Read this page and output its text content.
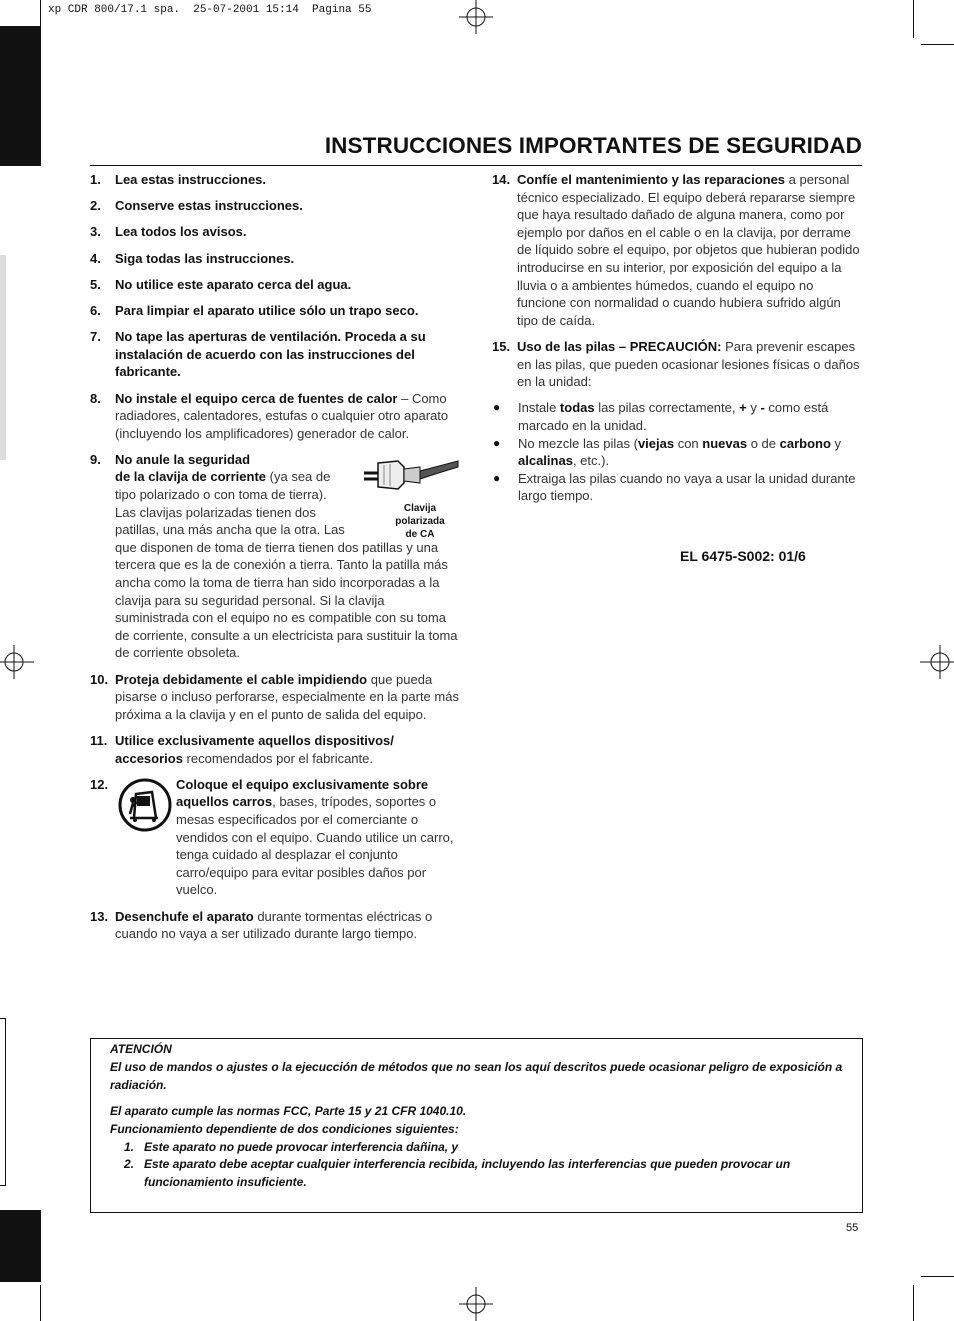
xp CDR 800/17.1 spa.  25-07-2001 15:14  Pagina 55
INSTRUCCIONES IMPORTANTES DE SEGURIDAD
1. Lea estas instrucciones.
2. Conserve estas instrucciones.
3. Lea todos los avisos.
4. Siga todas las instrucciones.
5. No utilice este aparato cerca del agua.
6. Para limpiar el aparato utilice sólo un trapo seco.
7. No tape las aperturas de ventilación. Proceda a su instalación de acuerdo con las instrucciones del fabricante.
8. No instale el equipo cerca de fuentes de calor – Como radiadores, calentadores, estufas o cualquier otro aparato (incluyendo los amplificadores) generador de calor.
9. No anule la seguridad
de la clavija de corriente (ya sea de tipo polarizado o con toma de tierra).
Las clavijas polarizadas tienen dos patillas, una más ancha que la otra. Las que disponen de toma de tierra tienen dos patillas y una tercera que es la de conexión a tierra. Tanto la patilla más ancha como la toma de tierra han sido incorporadas a la clavija para su seguridad personal. Si la clavija suministrada con el equipo no es compatible con su toma de corriente, consulte a un electricista para sustituir la toma de corriente obsoleta.
10. Proteja debidamente el cable impidiendo que pueda pisarse o incluso perforarse, especialmente en la parte más próxima a la clavija y en el punto de salida del equipo.
11. Utilice exclusivamente aquellos dispositivos/ accesorios recomendados por el fabricante.
12.	Coloque el equipo exclusivamente sobre aquellos carros, bases, trípodes, soportes o mesas especificados por el comerciante o vendidos con el equipo. Cuando utilice un carro, tenga cuidado al desplazar el conjunto carro/equipo para evitar posibles daños por vuelco.
13. Desenchufe el aparato durante tormentas eléctricas o cuando no vaya a ser utilizado durante largo tiempo.
Clavija
polarizada
de CA
14. Confíe el mantenimiento y las reparaciones a personal técnico especializado. El equipo deberá repararse siempre que haya resultado dañado de alguna manera, como por ejemplo por daños en el cable o en la clavija, por derrame de líquido sobre el equipo, por objetos que hubieran podido introducirse en su interior, por exposición del equipo a la lluvia o a ambientes húmedos, cuando el equipo no funcione con normalidad o cuando hubiera sufrido algún tipo de caída.
15. Uso de las pilas – PRECAUCIÓN: Para prevenir escapes en las pilas, que pueden ocasionar lesiones físicas o daños en la unidad:
● Instale todas las pilas correctamente, + y - como está marcado en la unidad.
● No mezcle las pilas (viejas con nuevas o de carbono y alcalinas, etc.).
● Extraiga las pilas cuando no vaya a usar la unidad durante largo tiempo.
EL 6475-S002: 01/6
ATENCIÓN
El uso de mandos o ajustes o la ejecucción de métodos que no sean los aquí descritos puede ocasionar peligro de exposición a radiación.
El aparato cumple las normas FCC, Parte 15 y 21 CFR 1040.10.
Funcionamiento dependiente de dos condiciones siguientes:
1. Este aparato no puede provocar interferencia dañina, y
2. Este aparato debe aceptar cualquier interferencia recibida, incluyendo las interferencias que pueden provocar un funcionamiento insuficiente.
55
